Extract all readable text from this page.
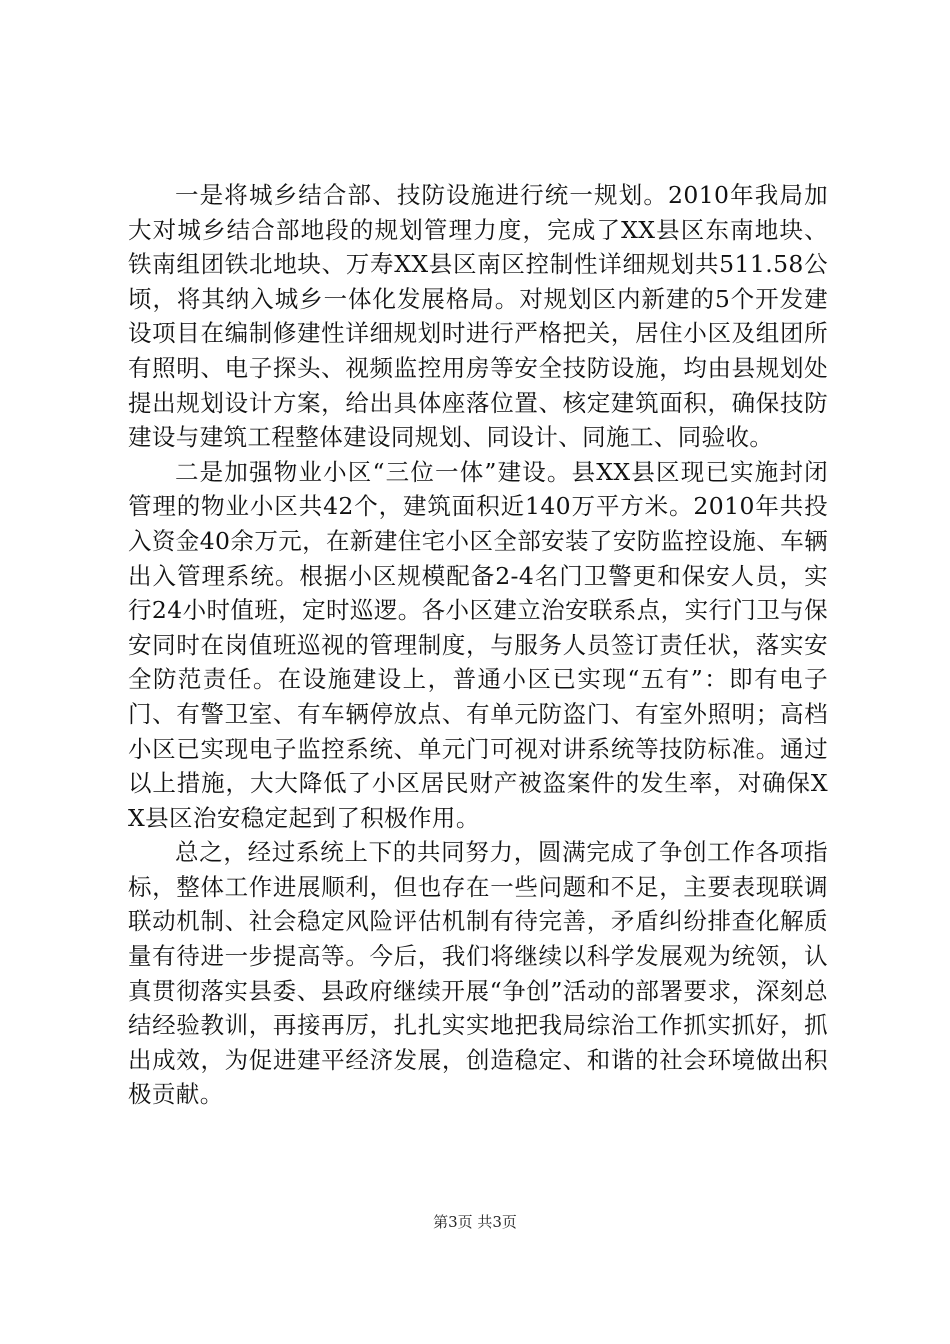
一是将城乡结合部、技防设施进行统一规划。2010年我局加大对城乡结合部地段的规划管理力度，完成了XX县区东南地块、铁南组团铁北地块、万寿XX县区南区控制性详细规划共511.58公顷，将其纳入城乡一体化发展格局。对规划区内新建的5个开发建设项目在编制修建性详细规划时进行严格把关，居住小区及组团所有照明、电子探头、视频监控用房等安全技防设施，均由县规划处提出规划设计方案，给出具体座落位置、核定建筑面积，确保技防建设与建筑工程整体建设同规划、同设计、同施工、同验收。

二是加强物业小区“三位一体”建设。县XX县区现已实施封闭管理的物业小区共42个，建筑面积近140万平方米。2010年共投入资金40余万元，在新建住宅小区全部安装了安防监控设施、车辆出入管理系统。根据小区规模配备2-4名门卫警更和保安人员，实行24小时值班，定时巡逻。各小区建立治安联系点，实行门卫与保安同时在岗值班巡视的管理制度，与服务人员签订责任状，落实安全防范责任。在设施建设上，普通小区已实现“五有”：即有电子门、有警卫室、有车辆停放点、有单元防盗门、有室外照明；高档小区已实现电子监控系统、单元门可视对讲系统等技防标准。通过以上措施，大大降低了小区居民财产被盗案件的发生率，对确保XX县区治安稳定起到了积极作用。

总之，经过系统上下的共同努力，圆满完成了争创工作各项指标，整体工作进展顺利，但也存在一些问题和不足，主要表现联调联动机制、社会稳定风险评估机制有待完善，矛盾纠纷排查化解质量有待进一步提高等。今后，我们将继续以科学发展观为统领，认真贯彻落实县委、县政府继续开展“争创”活动的部署要求，深刻总结经验教训，再接再厉，扎扎实实地把我局综治工作抓实抓好，抓出成效，为促进建平经济发展，创造稳定、和谐的社会环境做出积极贡献。

第3页 共3页
